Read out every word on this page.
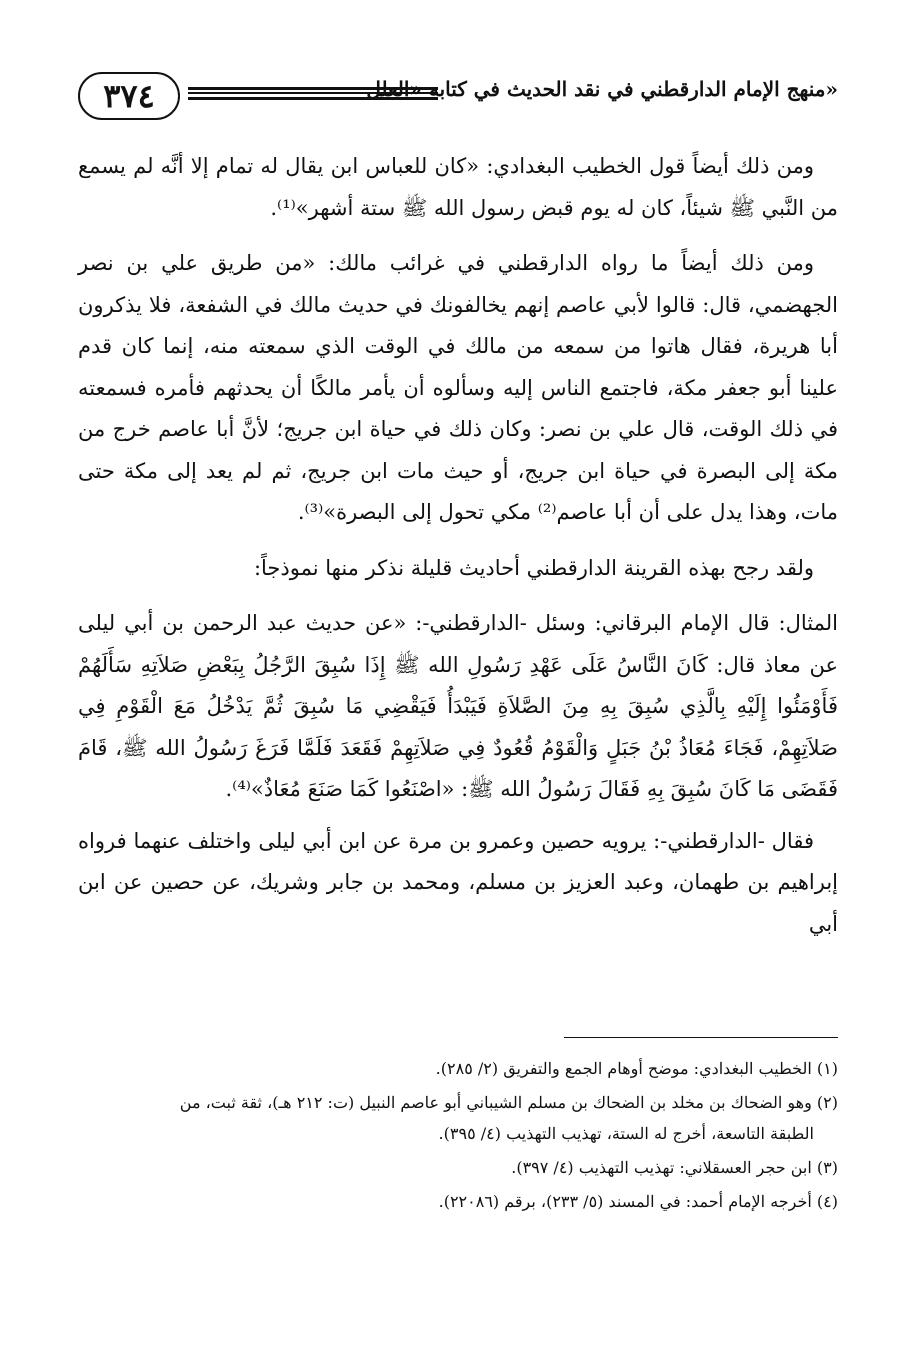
٣٧٤	منهج الإمام الدارقطني في نقد الحديث في كتابه «العلل»

ومن ذلك أيضاً قول الخطيب البغدادي: «كان للعباس ابن يقال له تمام إلا أنَّه لم يسمع من النَّبي ﷺ شيئاً، كان له يوم قبض رسول الله ﷺ ستة أشهر»⁽¹⁾.

ومن ذلك أيضاً ما رواه الدارقطني في غرائب مالك: «من طريق علي بن نصر الجهضمي، قال: قالوا لأبي عاصم إنهم يخالفونك في حديث مالك في الشفعة، فلا يذكرون أبا هريرة، فقال هاتوا من سمعه من مالك في الوقت الذي سمعته منه، إنما كان قدم علينا أبو جعفر مكة، فاجتمع الناس إليه وسألوه أن يأمر مالكًا أن يحدثهم فأمره فسمعته في ذلك الوقت، قال علي بن نصر: وكان ذلك في حياة ابن جريج؛ لأنَّ أبا عاصم خرج من مكة إلى البصرة في حياة ابن جريج، أو حيث مات ابن جريج، ثم لم يعد إلى مكة حتى مات، وهذا يدل على أن أبا عاصم⁽²⁾ مكي تحول إلى البصرة»⁽³⁾.

ولقد رجح بهذه القرينة الدارقطني أحاديث قليلة نذكر منها نموذجاً:

المثال: قال الإمام البرقاني: وسئل -الدارقطني-: «عن حديث عبد الرحمن بن أبي ليلى عن معاذ قال: كَانَ النَّاسُ عَلَى عَهْدِ رَسُولِ الله ﷺ إِذَا سُبِقَ الرَّجُلُ بِبَعْضِ صَلاَتِهِ سَأَلَهُمْ فَأَوْمَئُوا إِلَيْهِ بِالَّذِي سُبِقَ بِهِ مِنَ الصَّلاَةِ فَيَبْدَأُ فَيَقْضِي مَا سُبِقَ ثُمَّ يَدْخُلُ مَعَ الْقَوْمِ فِي صَلاَتِهِمْ، فَجَاءَ مُعَاذُ بْنُ جَبَلٍ وَالْقَوْمُ قُعُودٌ فِي صَلاَتِهِمْ فَقَعَدَ فَلَمَّا فَرَغَ رَسُولُ الله ﷺ، قَامَ فَقَضَى مَا كَانَ سُبِقَ بِهِ فَقَالَ رَسُولُ الله ﷺ: «اصْنَعُوا كَمَا صَنَعَ مُعَاذٌ»⁽⁴⁾.

فقال -الدارقطني-: يرويه حصين وعمرو بن مرة عن ابن أبي ليلى واختلف عنهما فرواه إبراهيم بن طهمان، وعبد العزيز بن مسلم، ومحمد بن جابر وشريك، عن حصين عن ابن أبي

(١) الخطيب البغدادي: موضح أوهام الجمع والتفريق (٢/ ٢٨٥).

(٢) وهو الضحاك بن مخلد بن الضحاك بن مسلم الشيباني أبو عاصم النبيل (ت: ٢١٢ هـ)، ثقة ثبت، من
الطبقة التاسعة، أخرج له الستة، تهذيب التهذيب (٤/ ٣٩٥).

(٣) ابن حجر العسقلاني: تهذيب التهذيب (٤/ ٣٩٧).

(٤) أخرجه الإمام أحمد: في المسند (٥/ ٢٣٣)، برقم (٢٢٠٨٦).
